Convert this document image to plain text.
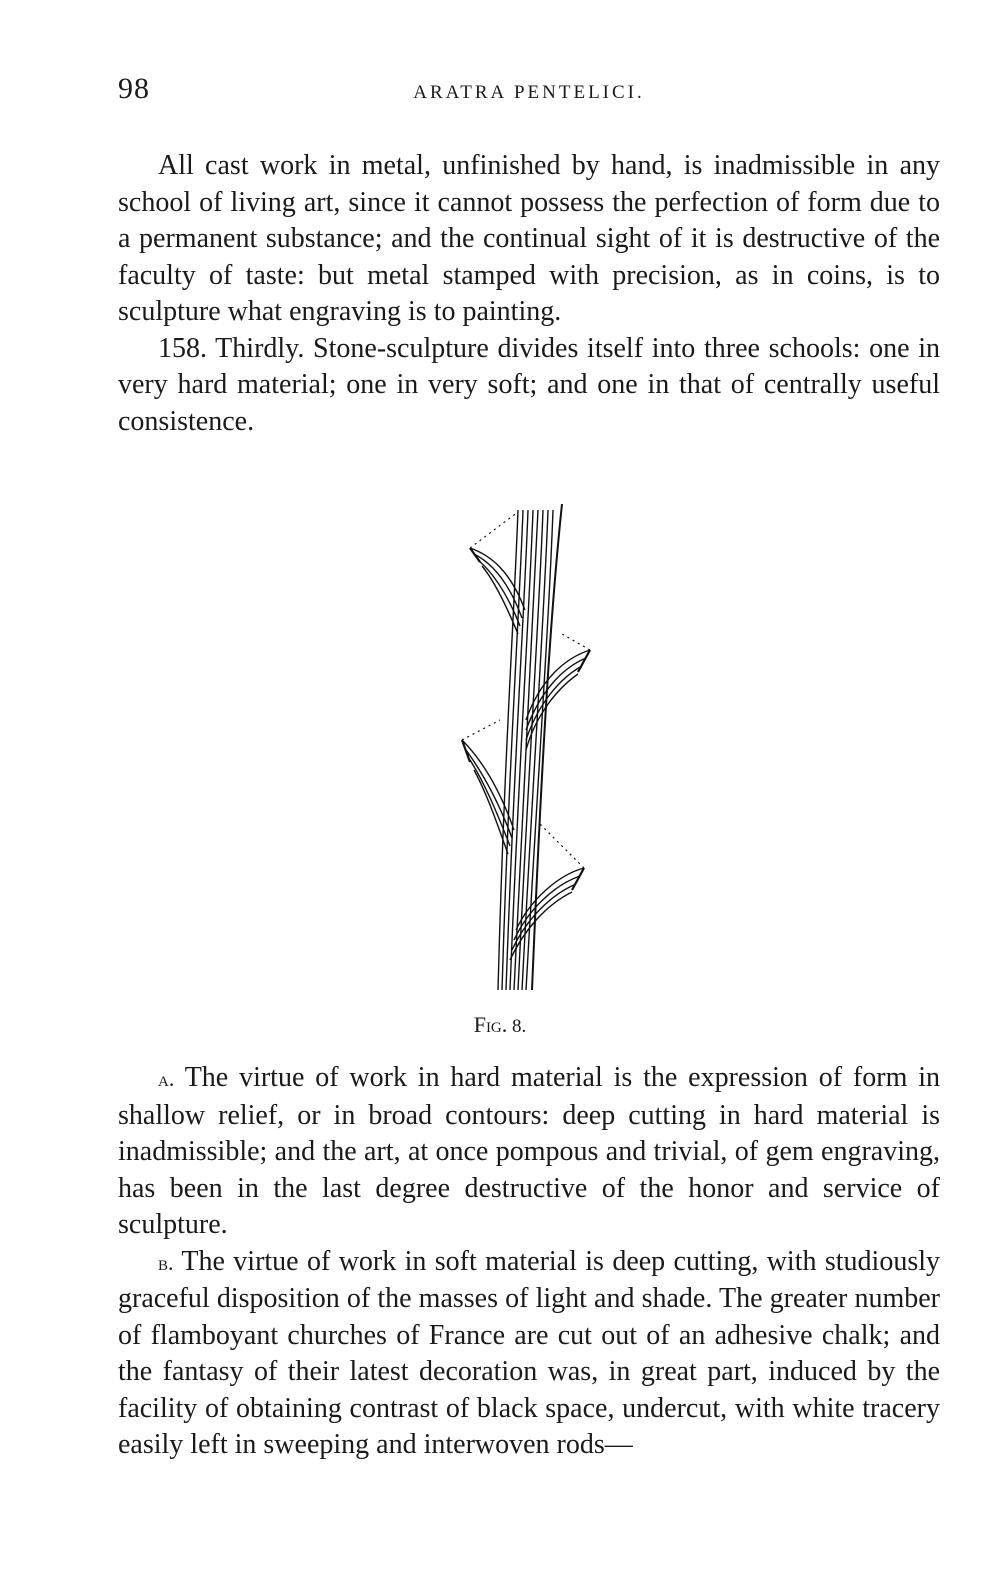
98	ARATRA PENTELICI.

All cast work in metal, unfinished by hand, is inadmissible in any school of living art, since it cannot possess the perfection of form due to a permanent substance; and the continual sight of it is destructive of the faculty of taste: but metal stamped with precision, as in coins, is to sculpture what engraving is to painting.

158. Thirdly. Stone-sculpture divides itself into three schools: one in very hard material; one in very soft; and one in that of centrally useful consistence.

Fig. 8.

a. The virtue of work in hard material is the expression of form in shallow relief, or in broad contours: deep cutting in hard material is inadmissible; and the art, at once pompous and trivial, of gem engraving, has been in the last degree destructive of the honor and service of sculpture.

b. The virtue of work in soft material is deep cutting, with studiously graceful disposition of the masses of light and shade. The greater number of flamboyant churches of France are cut out of an adhesive chalk; and the fantasy of their latest decoration was, in great part, induced by the facility of obtaining contrast of black space, undercut, with white tracery easily left in sweeping and interwoven rods—
